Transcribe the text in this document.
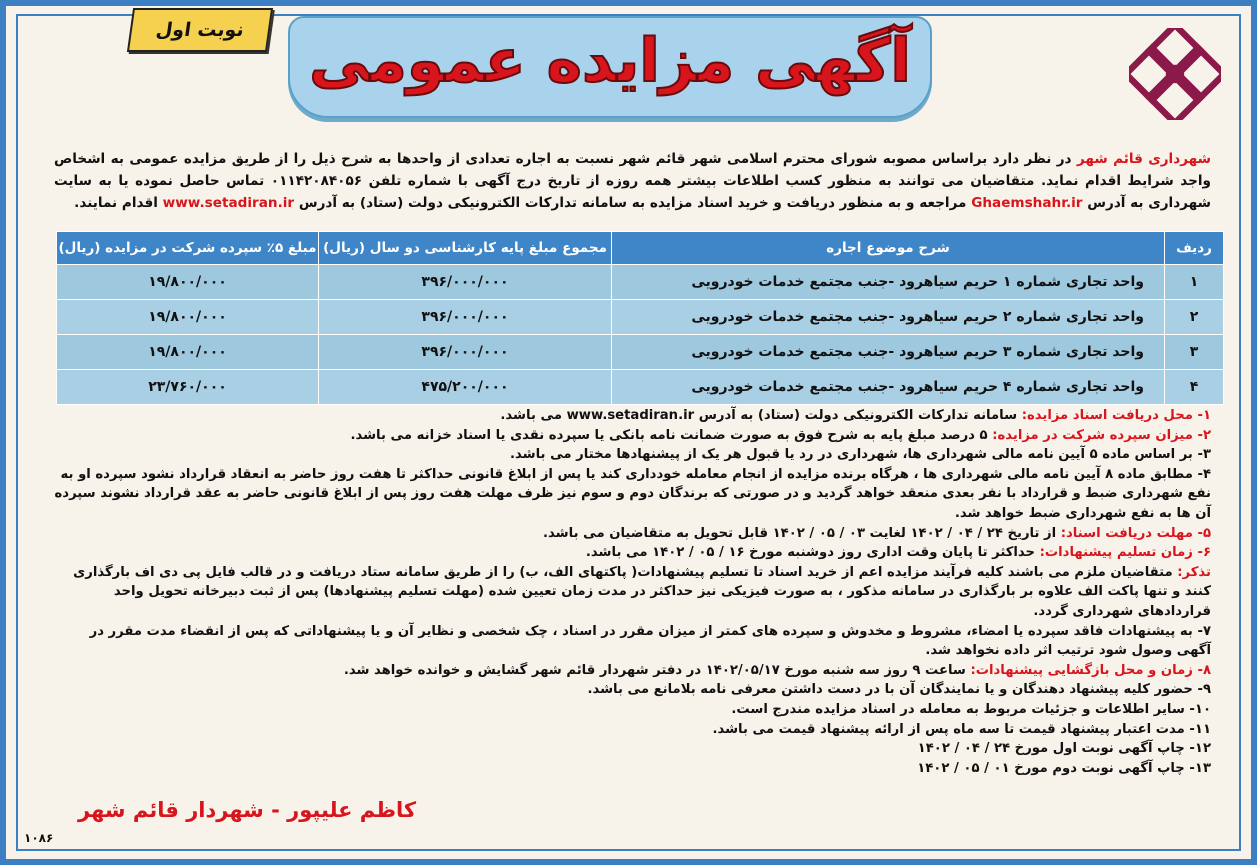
نوبت اول	آگهی مزایده عمومی
شهرداری قائم شهر در نظر دارد براساس مصوبه شورای محترم اسلامی شهر قائم شهر نسبت به اجاره تعدادی از واحدها به شرح ذیل را از طریق مزایده عمومی به اشخاص واجد شرایط اقدام نماید. متقاضیان می توانند به منظور کسب اطلاعات بیشتر همه روزه از تاریخ درج آگهی با شماره تلفن ۰۱۱۴۲۰۸۴۰۵۶ تماس حاصل نموده یا به سایت شهرداری به آدرس Ghaemshahr.ir مراجعه و به منظور دریافت و خرید اسناد مزایده به سامانه تدارکات الکترونیکی دولت (ستاد) به آدرس www.setadiran.ir اقدام نمایند.
ردیف	شرح موضوع اجاره	مجموع مبلغ پایه کارشناسی دو سال (ریال)	مبلغ ۵٪ سپرده شرکت در مزایده (ریال)
۱	واحد تجاری شماره ۱ حریم سیاهرود -جنب مجتمع خدمات خودرویی	۳۹۶/۰۰۰/۰۰۰	۱۹/۸۰۰/۰۰۰
۲	واحد تجاری شماره ۲ حریم سیاهرود -جنب مجتمع خدمات خودرویی	۳۹۶/۰۰۰/۰۰۰	۱۹/۸۰۰/۰۰۰
۳	واحد تجاری شماره ۳ حریم سیاهرود -جنب مجتمع خدمات خودرویی	۳۹۶/۰۰۰/۰۰۰	۱۹/۸۰۰/۰۰۰
۴	واحد تجاری شماره ۴ حریم سیاهرود -جنب مجتمع خدمات خودرویی	۴۷۵/۲۰۰/۰۰۰	۲۳/۷۶۰/۰۰۰
۱- محل دریافت اسناد مزایده: سامانه تدارکات الکترونیکی دولت (ستاد) به آدرس www.setadiran.ir می باشد.
۲- میزان سپرده شرکت در مزایده: ۵ درصد مبلغ پایه به شرح فوق به صورت ضمانت نامه بانکی یا سپرده نقدی یا اسناد خزانه می باشد.
۳- بر اساس ماده ۵ آیین نامه مالی شهرداری ها، شهرداری در رد یا قبول هر یک از پیشنهادها مختار می باشد.
۴- مطابق ماده ۸ آیین نامه مالی شهرداری ها ، هرگاه برنده مزایده از انجام معامله خودداری کند یا پس از ابلاغ قانونی حداکثر تا هفت روز حاضر به انعقاد قرارداد نشود سپرده او به نفع شهرداری ضبط و قرارداد با نفر بعدی منعقد خواهد گردید و در صورتی که برندگان دوم و سوم نیز ظرف مهلت هفت روز پس از ابلاغ قانونی حاضر به عقد قرارداد نشوند سپرده آن ها به نفع شهرداری ضبط خواهد شد.
۵- مهلت دریافت اسناد: از تاریخ ۲۴ / ۰۴ / ۱۴۰۲ لغایت ۰۳ / ۰۵ / ۱۴۰۲ قابل تحویل به متقاضیان می باشد.
۶- زمان تسلیم پیشنهادات: حداکثر تا پایان وقت اداری روز دوشنبه مورخ ۱۶ / ۰۵ / ۱۴۰۲ می باشد.
تذکر: متقاضیان ملزم می باشند کلیه فرآیند مزایده اعم از خرید اسناد تا تسلیم پیشنهادات( پاکتهای الف، ب) را از طریق سامانه ستاد دریافت و در قالب فایل پی دی اف بارگذاری کنند و تنها پاکت الف علاوه بر بارگذاری در سامانه مذکور ، به صورت فیزیکی نیز حداکثر در مدت زمان تعیین شده (مهلت تسلیم پیشنهادها) پس از ثبت دبیرخانه تحویل واحد قراردادهای شهرداری گردد.
۷- به پیشنهادات فاقد سپرده یا امضاء، مشروط و مخدوش و سپرده های کمتر از میزان مقرر در اسناد ، چک شخصی و نظایر آن و یا پیشنهاداتی که پس از انقضاء مدت مقرر در آگهی وصول شود ترتیب اثر داده نخواهد شد.
۸- زمان و محل بازگشایی پیشنهادات: ساعت ۹ روز سه شنبه مورخ ۱۴۰۲/۰۵/۱۷ در دفتر شهردار قائم شهر گشایش و خوانده خواهد شد.
۹- حضور کلیه پیشنهاد دهندگان و یا نمایندگان آن با در دست داشتن معرفی نامه بلامانع می باشد.
۱۰- سایر اطلاعات و جزئیات مربوط به معامله در اسناد مزایده مندرج است.
۱۱- مدت اعتبار پیشنهاد قیمت تا سه ماه پس از ارائه پیشنهاد قیمت می باشد.
۱۲- چاپ آگهی نوبت اول مورخ ۲۴ / ۰۴ / ۱۴۰۲
۱۳- چاپ آگهی نوبت دوم مورخ ۰۱ / ۰۵ / ۱۴۰۲
کاظم علیپور - شهردار قائم شهر
۱۰۸۶
